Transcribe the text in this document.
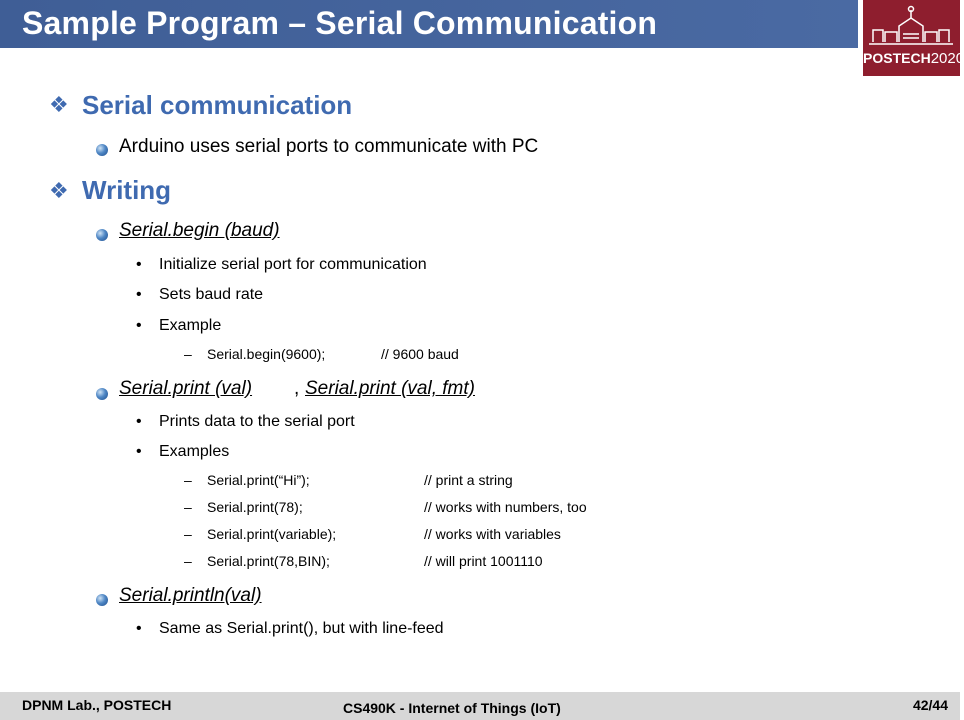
Sample Program – Serial Communication
POSTECH2020
❖ Serial communication
Arduino uses serial ports to communicate with PC
❖ Writing
Serial.begin (baud)
• Initialize serial port for communication
• Sets baud rate
• Example
– Serial.begin(9600);	// 9600 baud
Serial.print (val) , Serial.print (val, fmt)
• Prints data to the serial port
• Examples
– Serial.print(“Hi”);	// print a string
– Serial.print(78);	// works with numbers, too
– Serial.print(variable);	// works with variables
– Serial.print(78,BIN);	// will print 1001110
Serial.println(val)
• Same as Serial.print(), but with line-feed
DPNM Lab., POSTECH	CS490K - Internet of Things (IoT)	42/44
